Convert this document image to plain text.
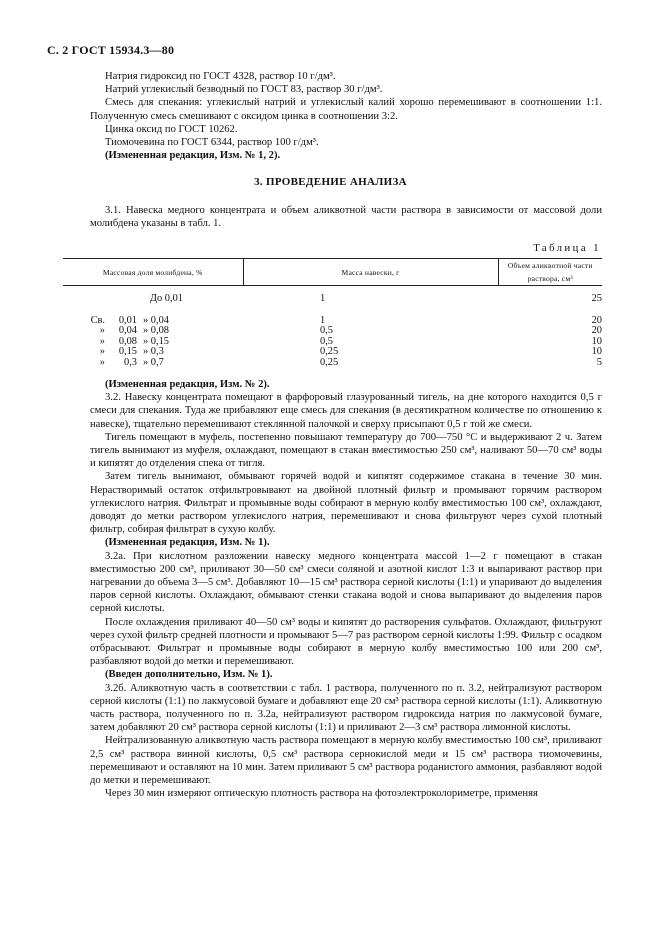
С. 2 ГОСТ 15934.3—80

Натрия гидроксид по ГОСТ 4328, раствор 10 г/дм³.

Натрий углекислый безводный по ГОСТ 83, раствор 30 г/дм³.

Смесь для спекания: углекислый натрий и углекислый калий хорошо перемешивают в соотношении 1:1. Полученную смесь смешивают с оксидом цинка в соотношении 3:2.

Цинка оксид по ГОСТ 10262.

Тиомочевина по ГОСТ 6344, раствор 100 г/дм³.

(Измененная редакция, Изм. № 1, 2).

3. ПРОВЕДЕНИЕ АНАЛИЗА

3.1. Навеска медного концентрата и объем аликвотной части раствора в зависимости от массовой доли молибдена указаны в табл. 1.

Таблица 1
Массовая доля молибдена, %	Масса навески, г	Объем аликвотной части раствора, см³
До 0,01	1	25
Св. 0,01 » 0,04	1	20
» 0,04 » 0,08	0,5	20
» 0,08 » 0,15	0,5	10
» 0,15 » 0,3	0,25	10
» 0,3 » 0,7	0,25	5

(Измененная редакция, Изм. № 2).

3.2. Навеску концентрата помещают в фарфоровый глазурованный тигель, на дне которого находится 0,5 г смеси для спекания. Туда же прибавляют еще смесь для спекания (в десятикратном количестве по отношению к навеске), тщательно перемешивают стеклянной палочкой и сверху присыпают 0,5 г той же смеси.

Тигель помещают в муфель, постепенно повышают температуру до 700—750 °С и выдерживают 2 ч. Затем тигель вынимают из муфеля, охлаждают, помещают в стакан вместимостью 250 см³, наливают 50—70 см³ воды и кипятят до отделения спека от тигля.

Затем тигель вынимают, обмывают горячей водой и кипятят содержимое стакана в течение 30 мин. Нерастворимый остаток отфильтровывают на двойной плотный фильтр и промывают горячим раствором углекислого натрия. Фильтрат и промывные воды собирают в мерную колбу вместимостью 100 см³, охлаждают, доводят до метки раствором углекислого натрия, перемешивают и снова фильтруют через сухой плотный фильтр, собирая фильтрат в сухую колбу.

(Измененная редакция, Изм. № 1).

3.2а. При кислотном разложении навеску медного концентрата массой 1—2 г помещают в стакан вместимостью 200 см³, приливают 30—50 см³ смеси соляной и азотной кислот 1:3 и выпаривают раствор при нагревании до объема 3—5 см³. Добавляют 10—15 см³ раствора серной кислоты (1:1) и упаривают до выделения паров серной кислоты. Охлаждают, обмывают стенки стакана водой и снова выпаривают до выделения паров серной кислоты.

После охлаждения приливают 40—50 см³ воды и кипятят до растворения сульфатов. Охлаждают, фильтруют через сухой фильтр средней плотности и промывают 5—7 раз раствором серной кислоты 1:99. Фильтр с осадком отбрасывают. Фильтрат и промывные воды собирают в мерную колбу вместимостью 100 или 200 см³, разбавляют водой до метки и перемешивают.

(Введен дополнительно, Изм. № 1).

3.2б. Аликвотную часть в соответствии с табл. 1 раствора, полученного по п. 3.2, нейтрализуют раствором серной кислоты (1:1) по лакмусовой бумаге и добавляют еще 20 см³ раствора серной кислоты (1:1). Аликвотную часть раствора, полученного по п. 3.2а, нейтрализуют раствором гидроксида натрия по лакмусовой бумаге, затем добавляют 20 см³ раствора серной кислоты (1:1) и приливают 2—3 см³ раствора лимонной кислоты.

Нейтрализованную аликвотную часть раствора помещают в мерную колбу вместимостью 100 см³, приливают 2,5 см³ раствора винной кислоты, 0,5 см³ раствора сернокислой меди и 15 см³ раствора тиомочевины, перемешивают и оставляют на 10 мин. Затем приливают 5 см³ раствора роданистого аммония, разбавляют водой до метки и перемешивают.

Через 30 мин измеряют оптическую плотность раствора на фотоэлектроколориметре, применяя
